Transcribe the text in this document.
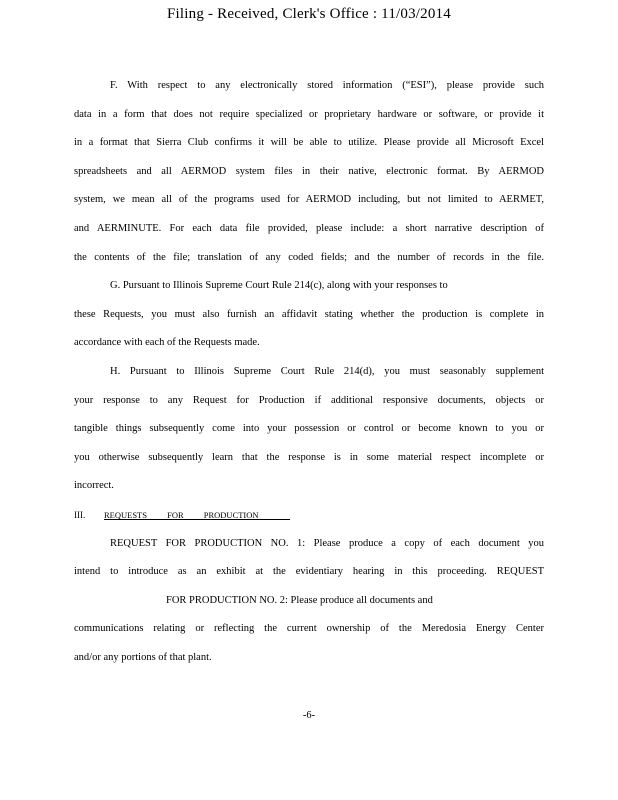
Filing - Received, Clerk's Office : 11/03/2014
F. With respect to any electronically stored information (“ESI”), please provide such
data in a form that does not require specialized or proprietary hardware or software, or provide it
in a format that Sierra Club confirms it will be able to utilize. Please provide all Microsoft Excel
spreadsheets and all AERMOD system files in their native, electronic format. By AERMOD
system, we mean all of the programs used for AERMOD including, but not limited to AERMET,
and AERMINUTE. For each data file provided, please include: a short narrative description of
the contents of the file; translation of any coded fields; and the number of records in the file.
G. Pursuant to Illinois Supreme Court Rule 214(c), along with your responses to
these Requests, you must also furnish an affidavit stating whether the production is complete in
accordance with each of the Requests made.
H. Pursuant to Illinois Supreme Court Rule 214(d), you must seasonably supplement
your response to any Request for Production if additional responsive documents, objects or
tangible things subsequently come into your possession or control or become known to you or
you otherwise subsequently learn that the response is in some material respect incomplete or
incorrect.
III. REQUESTS FOR PRODUCTION
REQUEST FOR PRODUCTION NO. 1: Please produce a copy of each document you
intend to introduce as an exhibit at the evidentiary hearing in this proceeding. REQUEST
FOR PRODUCTION NO. 2: Please produce all documents and
communications relating or reflecting the current ownership of the Meredosia Energy Center
and/or any portions of that plant.
-6-
